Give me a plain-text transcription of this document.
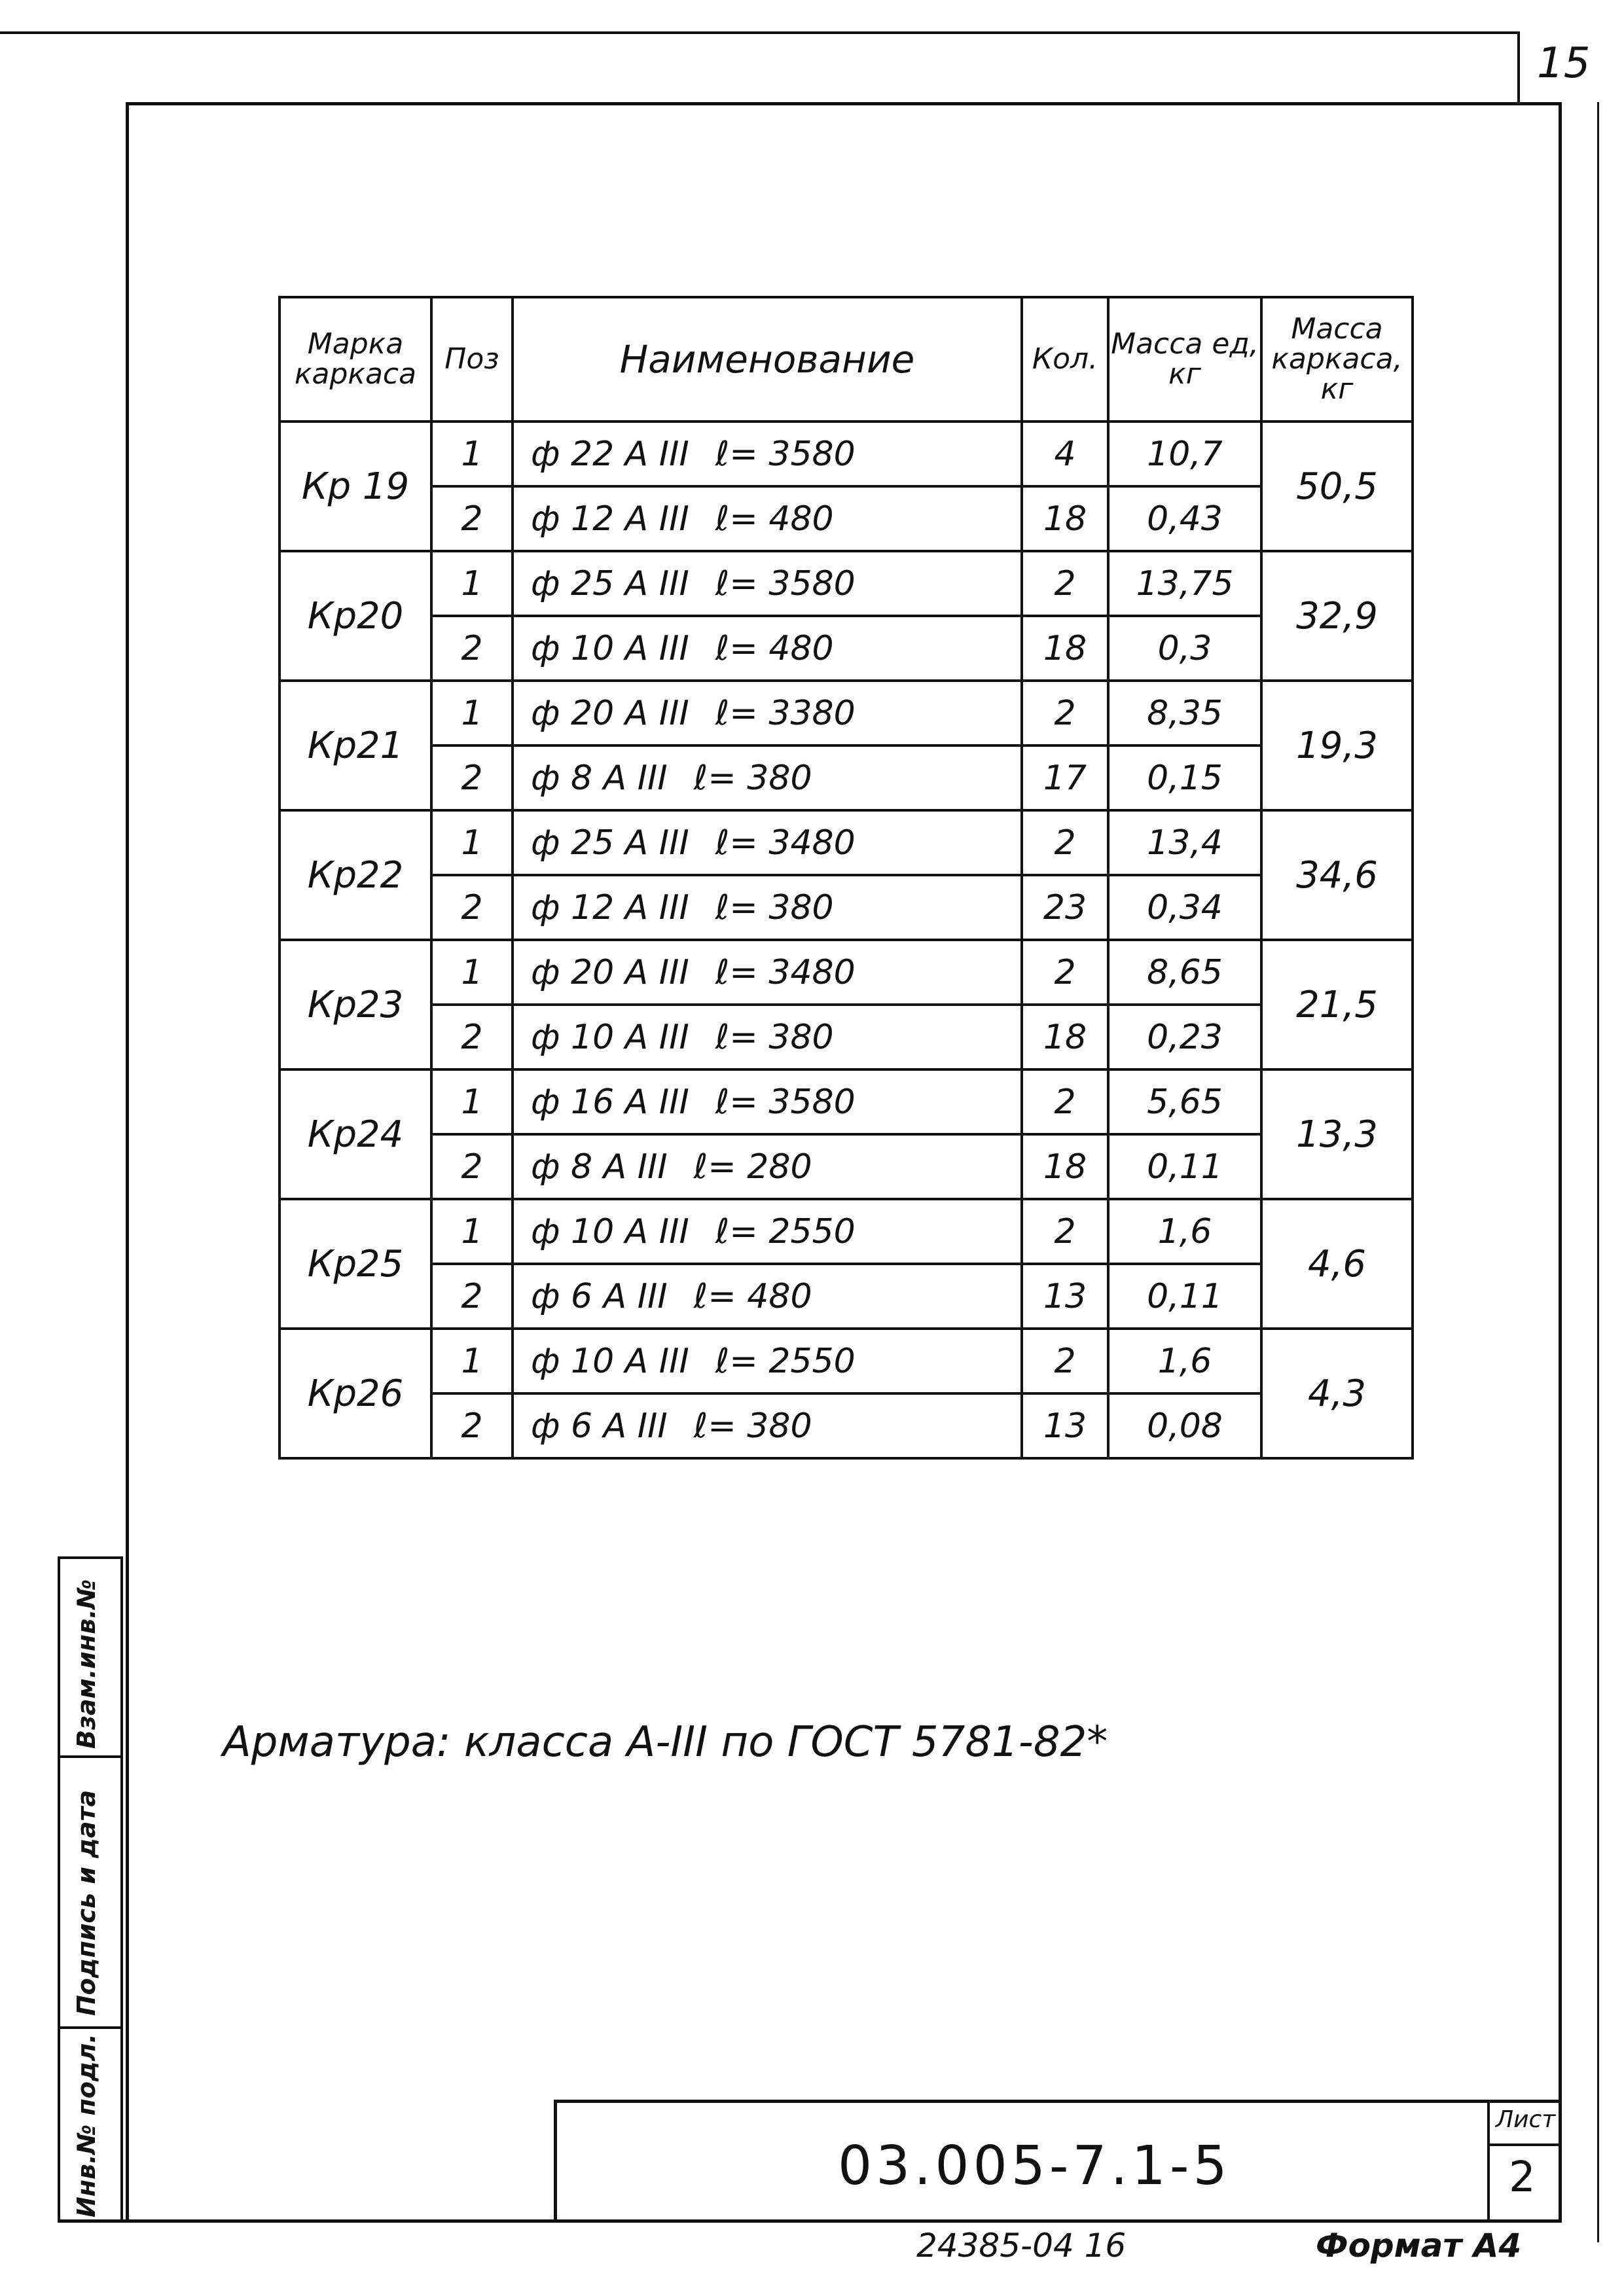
15
Марка каркаса	Поз	Наименование	Кол.	Масса ед, кг	Масса каркаса, кг
Кр 19	1	ф 22 А ІІІ ℓ= 3580	4	10,7	50,5
	2	ф 12 А ІІІ ℓ= 480	18	0,43	
Кр20	1	ф 25 А ІІІ ℓ= 3580	2	13,75	32,9
	2	ф 10 А ІІІ ℓ= 480	18	0,3	
Кр21	1	ф 20 А ІІІ ℓ= 3380	2	8,35	19,3
	2	ф 8 А ІІІ ℓ= 380	17	0,15	
Кр22	1	ф 25 А ІІІ ℓ= 3480	2	13,4	34,6
	2	ф 12 А ІІІ ℓ= 380	23	0,34	
Кр23	1	ф 20 А ІІІ ℓ= 3480	2	8,65	21,5
	2	ф 10 А ІІІ ℓ= 380	18	0,23	
Кр24	1	ф 16 А ІІІ ℓ= 3580	2	5,65	13,3
	2	ф 8 А ІІІ ℓ= 280	18	0,11	
Кр25	1	ф 10 А ІІІ ℓ= 2550	2	1,6	4,6
	2	ф 6 А ІІІ ℓ= 480	13	0,11	
Кр26	1	ф 10 А ІІІ ℓ= 2550	2	1,6	4,3
	2	ф 6 А ІІІ ℓ= 380	13	0,08	
Арматура: класса А-ІІІ по ГОСТ 5781-82*
Взам.инв.№
Подпись и дата
Инв.№ подл.	03.005-7.1-5
Лист
2
24385-04 16	Формат А4
